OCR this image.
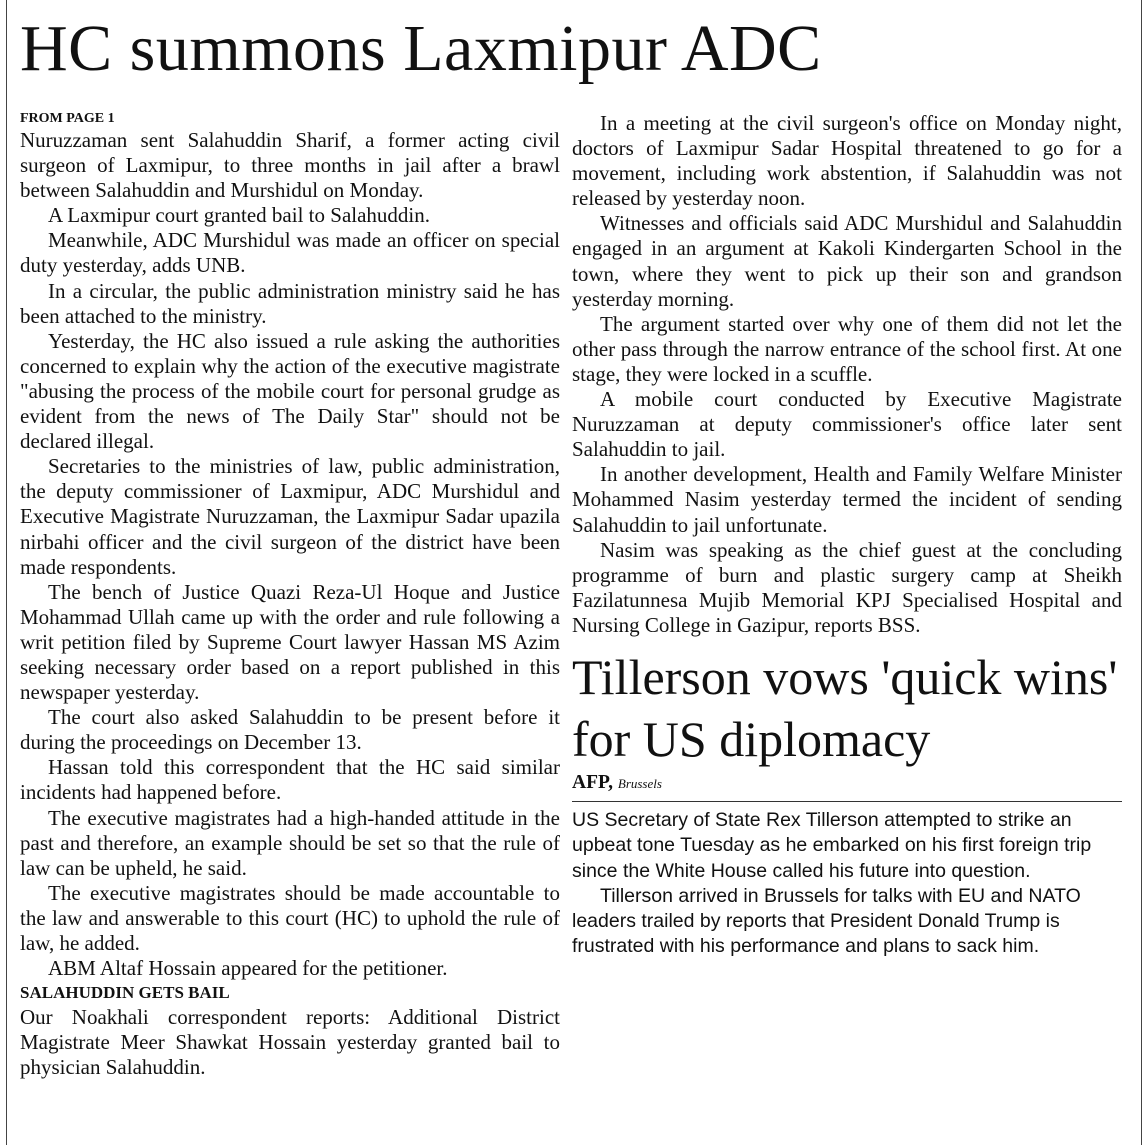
HC summons Laxmipur ADC

FROM PAGE 1

Nuruzzaman sent Salahuddin Sharif, a former acting civil surgeon of Laxmipur, to three months in jail after a brawl between Salahuddin and Murshidul on Monday.

A Laxmipur court granted bail to Salahuddin.

Meanwhile, ADC Murshidul was made an officer on special duty yesterday, adds UNB.

In a circular, the public administration ministry said he has been attached to the ministry.

Yesterday, the HC also issued a rule asking the authorities concerned to explain why the action of the executive magistrate "abusing the process of the mobile court for personal grudge as evident from the news of The Daily Star" should not be declared illegal.

Secretaries to the ministries of law, public administration, the deputy commissioner of Laxmipur, ADC Murshidul and Executive Magistrate Nuruzzaman, the Laxmipur Sadar upazila nirbahi officer and the civil surgeon of the district have been made respondents.

The bench of Justice Quazi Reza-Ul Hoque and Justice Mohammad Ullah came up with the order and rule following a writ petition filed by Supreme Court lawyer Hassan MS Azim seeking necessary order based on a report published in this newspaper yesterday.

The court also asked Salahuddin to be present before it during the proceedings on December 13.

Hassan told this correspondent that the HC said similar incidents had happened before.

The executive magistrates had a high-handed attitude in the past and therefore, an example should be set so that the rule of law can be upheld, he said.

The executive magistrates should be made accountable to the law and answerable to this court (HC) to uphold the rule of law, he added.

ABM Altaf Hossain appeared for the petitioner.

SALAHUDDIN GETS BAIL

Our Noakhali correspondent reports: Additional District Magistrate Meer Shawkat Hossain yesterday granted bail to physician Salahuddin.

In a meeting at the civil surgeon's office on Monday night, doctors of Laxmipur Sadar Hospital threatened to go for a movement, including work abstention, if Salahuddin was not released by yesterday noon.

Witnesses and officials said ADC Murshidul and Salahuddin engaged in an argument at Kakoli Kindergarten School in the town, where they went to pick up their son and grandson yesterday morning.

The argument started over why one of them did not let the other pass through the narrow entrance of the school first. At one stage, they were locked in a scuffle.

A mobile court conducted by Executive Magistrate Nuruzzaman at deputy commissioner's office later sent Salahuddin to jail.

In another development, Health and Family Welfare Minister Mohammed Nasim yesterday termed the incident of sending Salahuddin to jail unfortunate.

Nasim was speaking as the chief guest at the concluding programme of burn and plastic surgery camp at Sheikh Fazilatunnesa Mujib Memorial KPJ Specialised Hospital and Nursing College in Gazipur, reports BSS.

Tillerson vows 'quick wins' for US diplomacy

AFP, Brussels

US Secretary of State Rex Tillerson attempted to strike an upbeat tone Tuesday as he embarked on his first foreign trip since the White House called his future into question.

Tillerson arrived in Brussels for talks with EU and NATO leaders trailed by reports that President Donald Trump is frustrated with his performance and plans to sack him.
